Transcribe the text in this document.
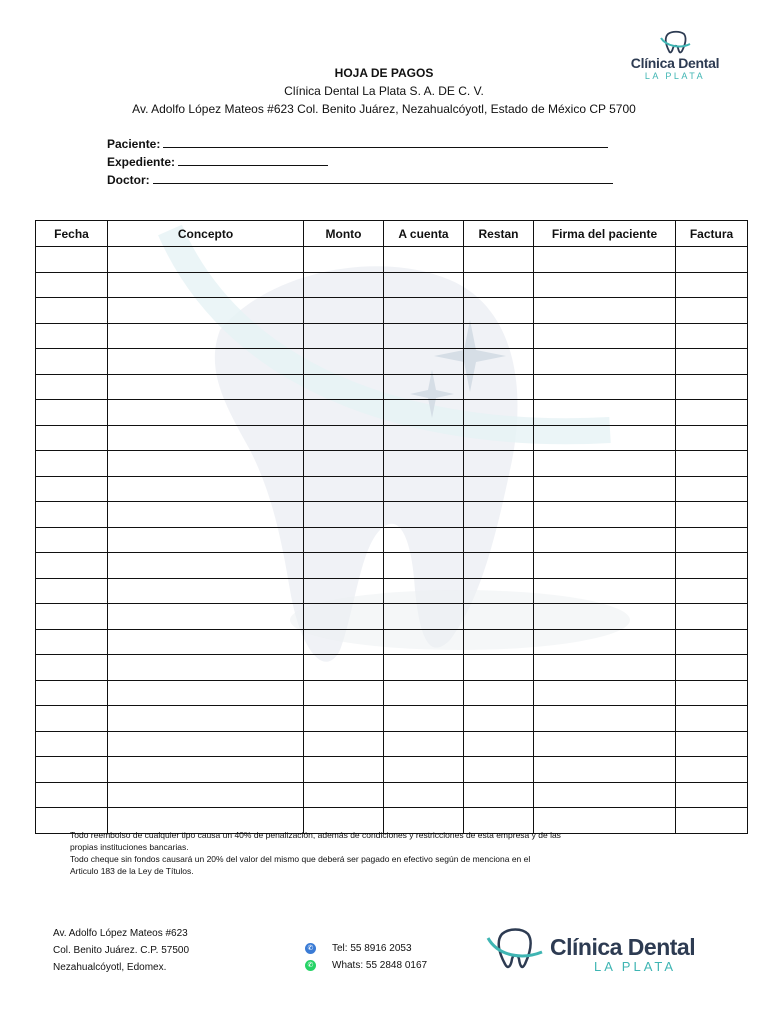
Clínica Dental
LA PLATA
HOJA DE PAGOS
Clínica Dental La Plata S. A. DE C. V.
Av. Adolfo López Mateos #623 Col. Benito Juárez, Nezahualcóyotl, Estado de México CP 5700
Paciente:
Expediente:
Doctor:
Fecha	Concepto	Monto	A cuenta	Restan	Firma del paciente	Factura

Todo reembolso de cualquier tipo causa un 40% de penalización, además de condiciones y restricciones de esta empresa y de las
propias instituciones bancarias.
Todo cheque sin fondos causará un 20% del valor del mismo que deberá ser pagado en efectivo según de menciona en el
Articulo 183 de la Ley de Títulos.
Av. Adolfo López Mateos #623
Col. Benito Juárez. C.P. 57500
Nezahualcóyotl, Edomex.
✆ Tel: 55 8916 2053
✆ Whats: 55 2848 0167
Clínica Dental
LA PLATA
